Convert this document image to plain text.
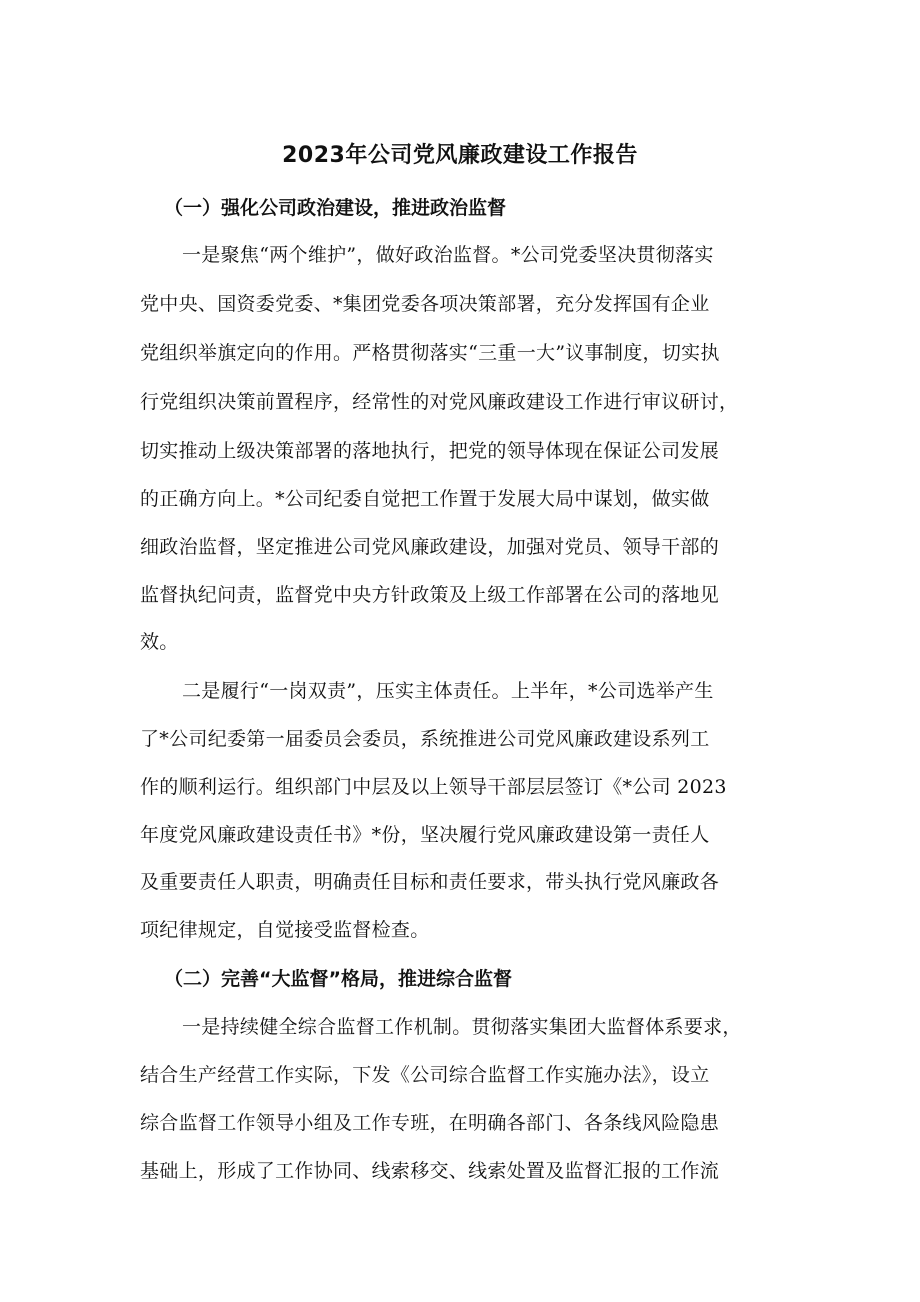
2023年公司党风廉政建设工作报告
（一）强化公司政治建设，推进政治监督
一是聚焦“两个维护”，做好政治监督。*公司党委坚决贯彻落实
党中央、国资委党委、*集团党委各项决策部署，充分发挥国有企业
党组织举旗定向的作用。严格贯彻落实“三重一大”议事制度，切实执
行党组织决策前置程序，经常性的对党风廉政建设工作进行审议研讨，
切实推动上级决策部署的落地执行，把党的领导体现在保证公司发展
的正确方向上。*公司纪委自觉把工作置于发展大局中谋划，做实做
细政治监督，坚定推进公司党风廉政建设，加强对党员、领导干部的
监督执纪问责，监督党中央方针政策及上级工作部署在公司的落地见
效。
二是履行“一岗双责”，压实主体责任。上半年，*公司选举产生
了*公司纪委第一届委员会委员，系统推进公司党风廉政建设系列工
作的顺利运行。组织部门中层及以上领导干部层层签订《*公司 2023
年度党风廉政建设责任书》*份，坚决履行党风廉政建设第一责任人
及重要责任人职责，明确责任目标和责任要求，带头执行党风廉政各
项纪律规定，自觉接受监督检查。
（二）完善“大监督”格局，推进综合监督
一是持续健全综合监督工作机制。贯彻落实集团大监督体系要求，
结合生产经营工作实际，下发《公司综合监督工作实施办法》，设立
综合监督工作领导小组及工作专班，在明确各部门、各条线风险隐患
基础上，形成了工作协同、线索移交、线索处置及监督汇报的工作流
